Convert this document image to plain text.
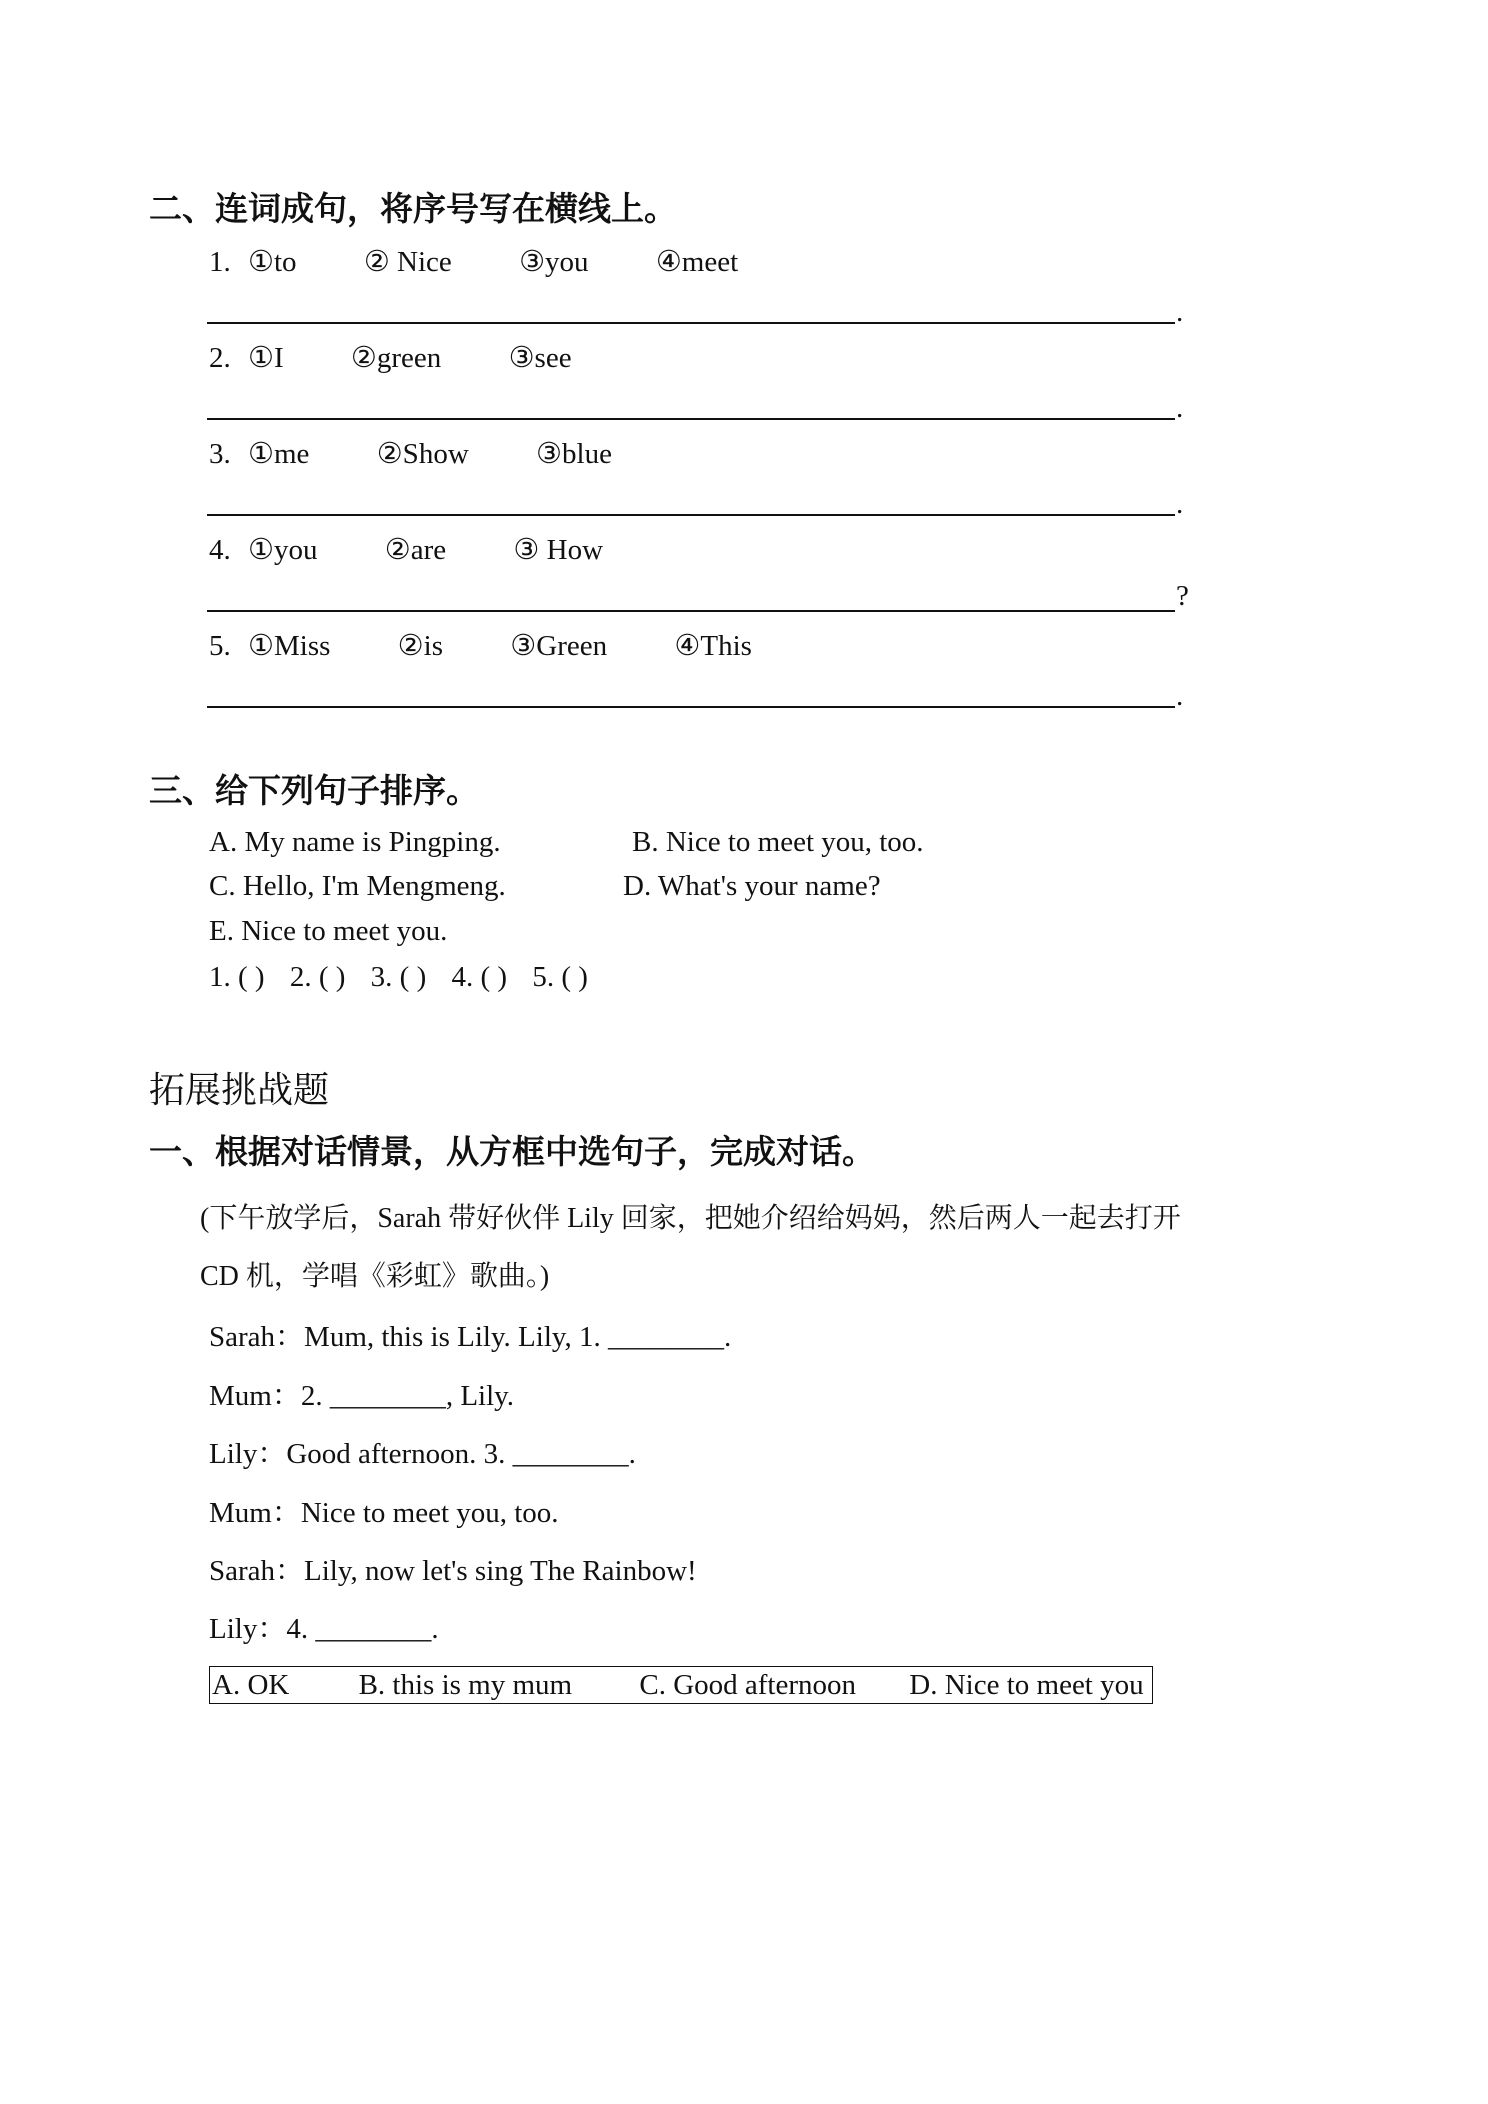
二、连词成句，将序号写在横线上。
1. ①to ② Nice ③you ④meet
.
2. ①I ②green ③see
.
3. ①me ②Show ③blue
.
4. ①you ②are ③ How
?
5. ①Miss ②is ③Green ④This
.
三、给下列句子排序。
A. My name is Pingping.	B. Nice to meet you, too.
C. Hello, I'm Mengmeng.	D. What's your name?
E. Nice to meet you.
1. ( ) 2. ( ) 3. ( ) 4. ( ) 5. ( )
拓展挑战题
一、根据对话情景，从方框中选句子，完成对话。
(下午放学后，Sarah 带好伙伴 Lily 回家，把她介绍给妈妈，然后两人一起去打开
CD 机，学唱《彩虹》歌曲。)
Sarah：Mum, this is Lily. Lily, 1. ________.
Mum：2. ________, Lily.
Lily：Good afternoon. 3. ________.
Mum：Nice to meet you, too.
Sarah：Lily, now let's sing The Rainbow!
Lily：4. ________.
A. OK B. this is my mum C. Good afternoon D. Nice to meet you
